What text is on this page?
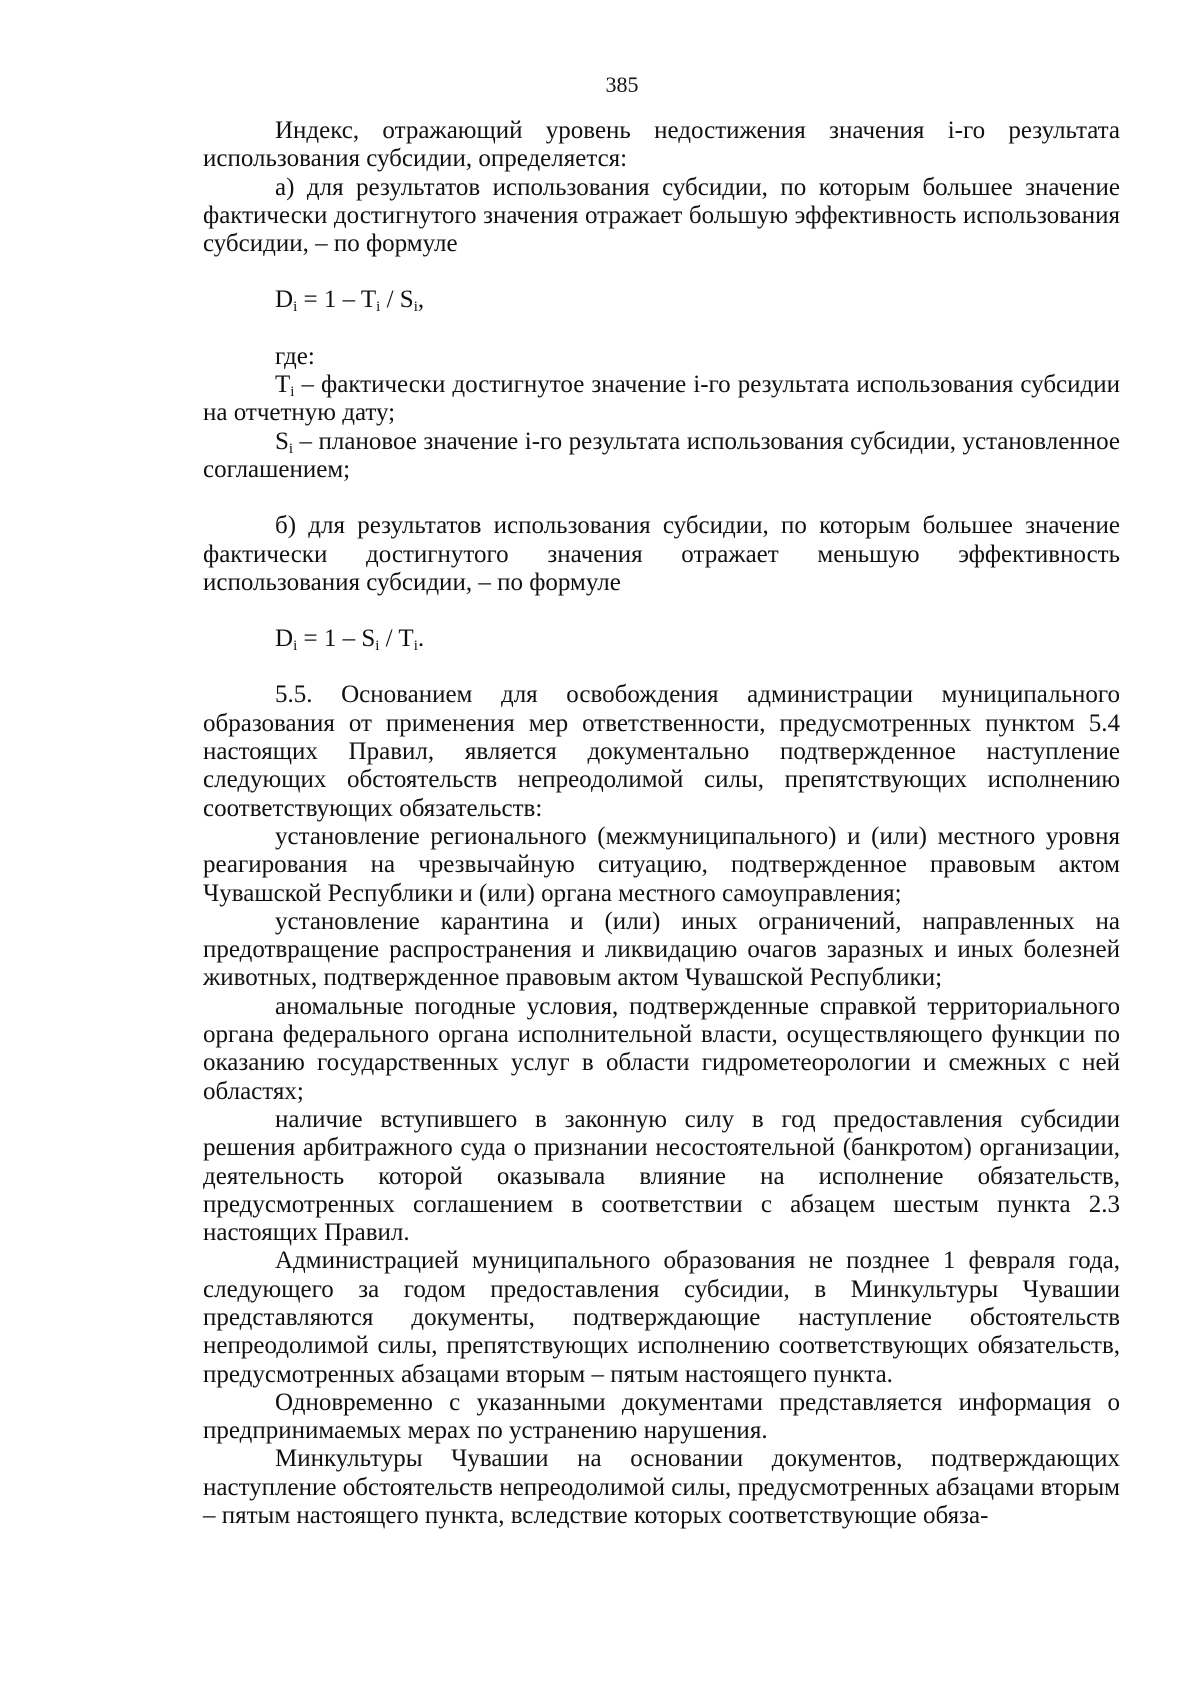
385

Индекс, отражающий уровень недостижения значения i-го результата использования субсидии, определяется:

а) для результатов использования субсидии, по которым большее значение фактически достигнутого значения отражает большую эффективность использования субсидии, – по формуле

$D_i = 1 - T_i / S_i$,

где:

$T_i$ – фактически достигнутое значение i-го результата использования субсидии на отчетную дату;

$S_i$ – плановое значение i-го результата использования субсидии, установленное соглашением;

б) для результатов использования субсидии, по которым большее значение фактически достигнутого значения отражает меньшую эффективность использования субсидии, – по формуле

$D_i = 1 - S_i / T_i$.

5.5. Основанием для освобождения администрации муниципального образования от применения мер ответственности, предусмотренных пунктом 5.4 настоящих Правил, является документально подтвержденное наступление следующих обстоятельств непреодолимой силы, препятствующих исполнению соответствующих обязательств:

установление регионального (межмуниципального) и (или) местного уровня реагирования на чрезвычайную ситуацию, подтвержденное правовым актом Чувашской Республики и (или) органа местного самоуправления;

установление карантина и (или) иных ограничений, направленных на предотвращение распространения и ликвидацию очагов заразных и иных болезней животных, подтвержденное правовым актом Чувашской Республики;

аномальные погодные условия, подтвержденные справкой территориального органа федерального органа исполнительной власти, осуществляющего функции по оказанию государственных услуг в области гидрометеорологии и смежных с ней областях;

наличие вступившего в законную силу в год предоставления субсидии решения арбитражного суда о признании несостоятельной (банкротом) организации, деятельность которой оказывала влияние на исполнение обязательств, предусмотренных соглашением в соответствии с абзацем шестым пункта 2.3 настоящих Правил.

Администрацией муниципального образования не позднее 1 февраля года, следующего за годом предоставления субсидии, в Минкультуры Чувашии представляются документы, подтверждающие наступление обстоятельств непреодолимой силы, препятствующих исполнению соответствующих обязательств, предусмотренных абзацами вторым – пятым настоящего пункта.

Одновременно с указанными документами представляется информация о предпринимаемых мерах по устранению нарушения.

Минкультуры Чувашии на основании документов, подтверждающих наступление обстоятельств непреодолимой силы, предусмотренных абзацами вторым – пятым настоящего пункта, вследствие которых соответствующие обяза-
